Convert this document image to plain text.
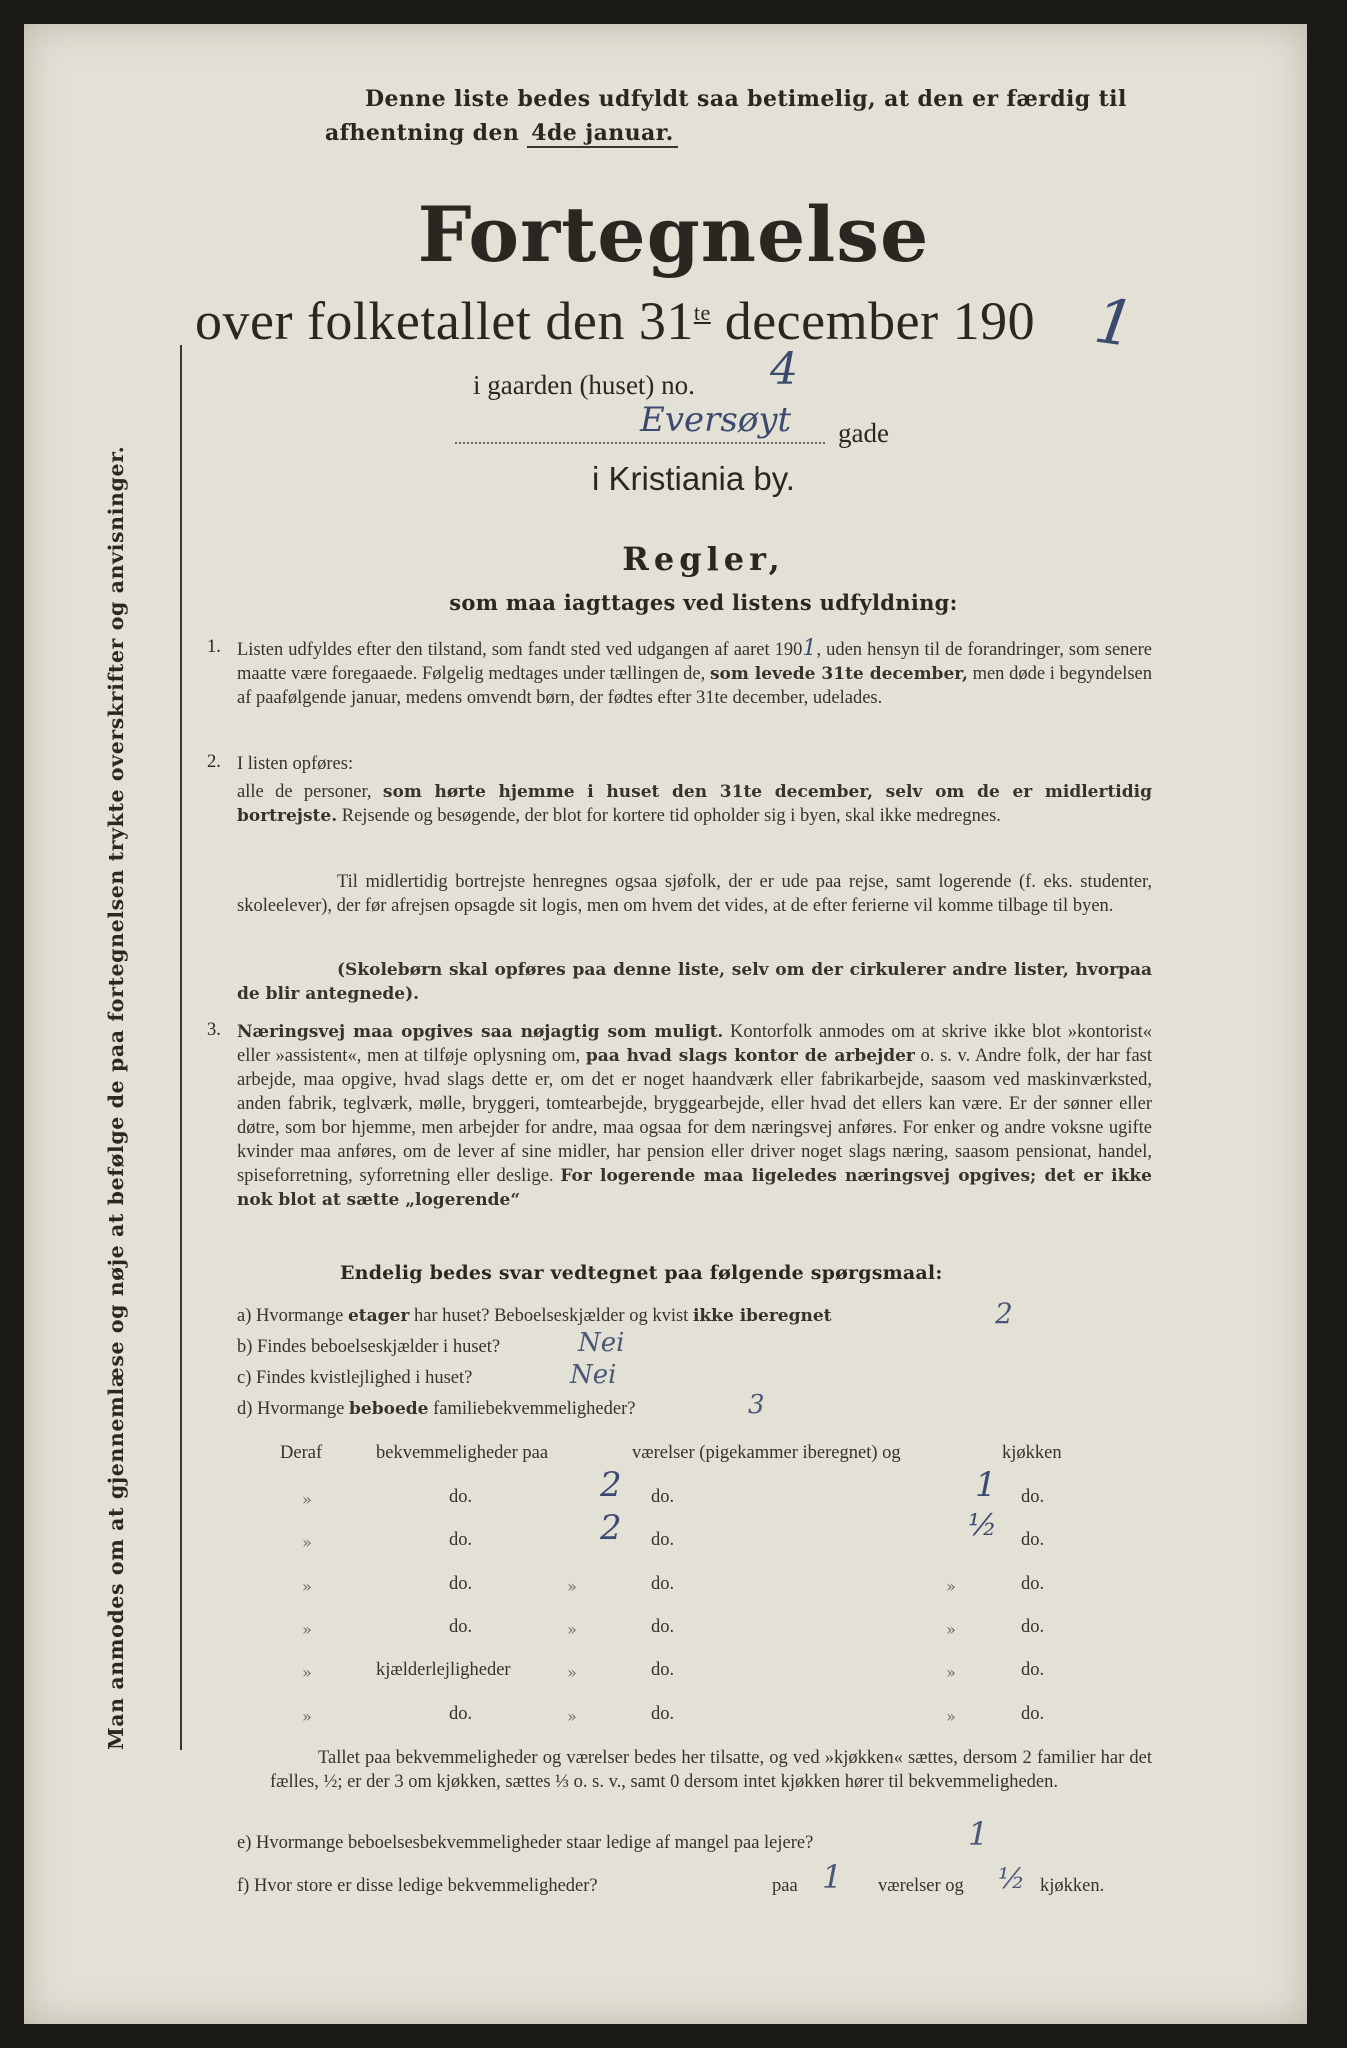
Man anmodes om at gjennemlæse og nøje at befølge de paa fortegnelsen trykte overskrifter og anvisninger.
Denne liste bedes udfyldt saa betimelig, at den er færdig til
afhentning den 4de januar.
Fortegnelse
over folketallet den $31^{te}$ december 190 1
i gaarden (huset) no. 4
Eversøyt gade
i Kristiania by.
Regler,
som maa iagttages ved listens udfyldning:
1. Listen udfyldes efter den tilstand, som fandt sted ved udgangen af aaret 1901, uden hensyn til de forandringer, som senere maatte være foregaaede. Følgelig medtages under tællingen de, som levede 31te december, men døde i begyndelsen af paafølgende januar, medens omvendt børn, der fødtes efter 31te december, udelades.
2. I listen opføres:
alle de personer, som hørte hjemme i huset den 31te december, selv om de er midlertidig bortrejste. Rejsende og besøgende, der blot for kortere tid opholder sig i byen, skal ikke medregnes.
Til midlertidig bortrejste henregnes ogsaa sjøfolk, der er ude paa rejse, samt logerende (f. eks. studenter, skoleelever), der før afrejsen opsagde sit logis, men om hvem det vides, at de efter ferierne vil komme tilbage til byen.
(Skolebørn skal opføres paa denne liste, selv om der cirkulerer andre lister, hvorpaa de blir antegnede).
3. Næringsvej maa opgives saa nøjagtig som muligt. Kontorfolk anmodes om at skrive ikke blot »kontorist« eller »assistent«, men at tilføje oplysning om, paa hvad slags kontor de arbejder o. s. v. Andre folk, der har fast arbejde, maa opgive, hvad slags dette er, om det er noget haandværk eller fabrikarbejde, saasom ved maskinværksted, anden fabrik, teglværk, mølle, bryggeri, tomtearbejde, bryggearbejde, eller hvad det ellers kan være. Er der sønner eller døtre, som bor hjemme, men arbejder for andre, maa ogsaa for dem næringsvej anføres. For enker og andre voksne ugifte kvinder maa anføres, om de lever af sine midler, har pension eller driver noget slags næring, saasom pensionat, handel, spiseforretning, syforretning eller deslige. For logerende maa ligeledes næringsvej opgives; det er ikke nok blot at sætte „logerende“
Endelig bedes svar vedtegnet paa følgende spørgsmaal:
a) Hvormange etager har huset? Beboelseskjælder og kvist ikke iberegnet	2
b) Findes beboelseskjælder i huset?	Nei
c) Findes kvistlejlighed i huset?	Nei
d) Hvormange beboede familiebekvemmeligheder?	3
Deraf	bekvemmeligheder paa	værelser (pigekammer iberegnet) og	kjøkken
»	do.	2 do.	1 do.
»	do.	2 do.	½ do.
»	do.	»	do.	»	do.
»	do.	»	do.	»	do.
»	kjælderlejligheder	»	do.	»	do.
»	do.	»	do.	»	do.
Tallet paa bekvemmeligheder og værelser bedes her tilsatte, og ved »kjøkken« sættes, dersom 2 familier har det fælles, ½; er der 3 om kjøkken, sættes ⅓ o. s. v., samt 0 dersom intet kjøkken hører til bekvemmeligheden.
e) Hvormange beboelsesbekvemmeligheder staar ledige af mangel paa lejere?	1
f) Hvor store er disse ledige bekvemmeligheder?	paa 1 værelser og ½ kjøkken.
